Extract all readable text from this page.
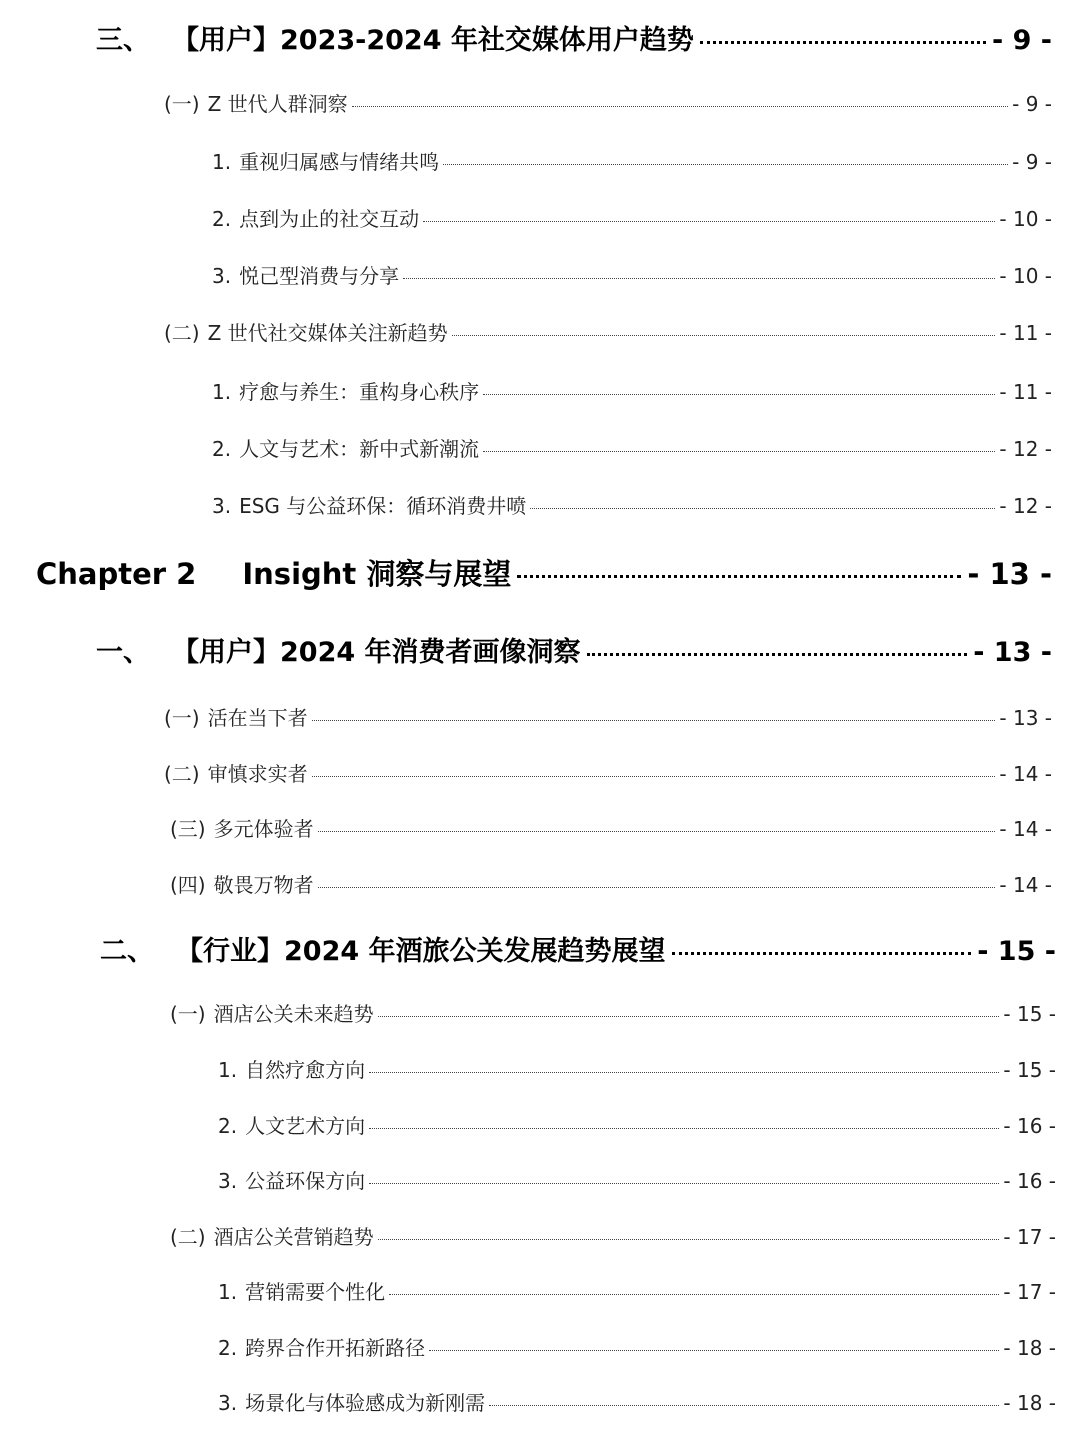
三、 【用户】2023-2024 年社交媒体用户趋势	- 9 -
(一) Z 世代人群洞察	- 9 -
1. 重视归属感与情绪共鸣	- 9 -
2. 点到为止的社交互动	- 10 -
3. 悦己型消费与分享	- 10 -
(二) Z 世代社交媒体关注新趋势	- 11 -
1. 疗愈与养生：重构身心秩序	- 11 -
2. 人文与艺术：新中式新潮流	- 12 -
3. ESG 与公益环保：循环消费井喷	- 12 -
Chapter 2 Insight 洞察与展望	- 13 -
一、 【用户】2024 年消费者画像洞察	- 13 -
(一) 活在当下者	- 13 -
(二) 审慎求实者	- 14 -
(三) 多元体验者	- 14 -
(四) 敬畏万物者	- 14 -
二、 【行业】2024 年酒旅公关发展趋势展望	- 15 -
(一) 酒店公关未来趋势	- 15 -
1. 自然疗愈方向	- 15 -
2. 人文艺术方向	- 16 -
3. 公益环保方向	- 16 -
(二) 酒店公关营销趋势	- 17 -
1. 营销需要个性化	- 17 -
2. 跨界合作开拓新路径	- 18 -
3. 场景化与体验感成为新刚需	- 18 -
